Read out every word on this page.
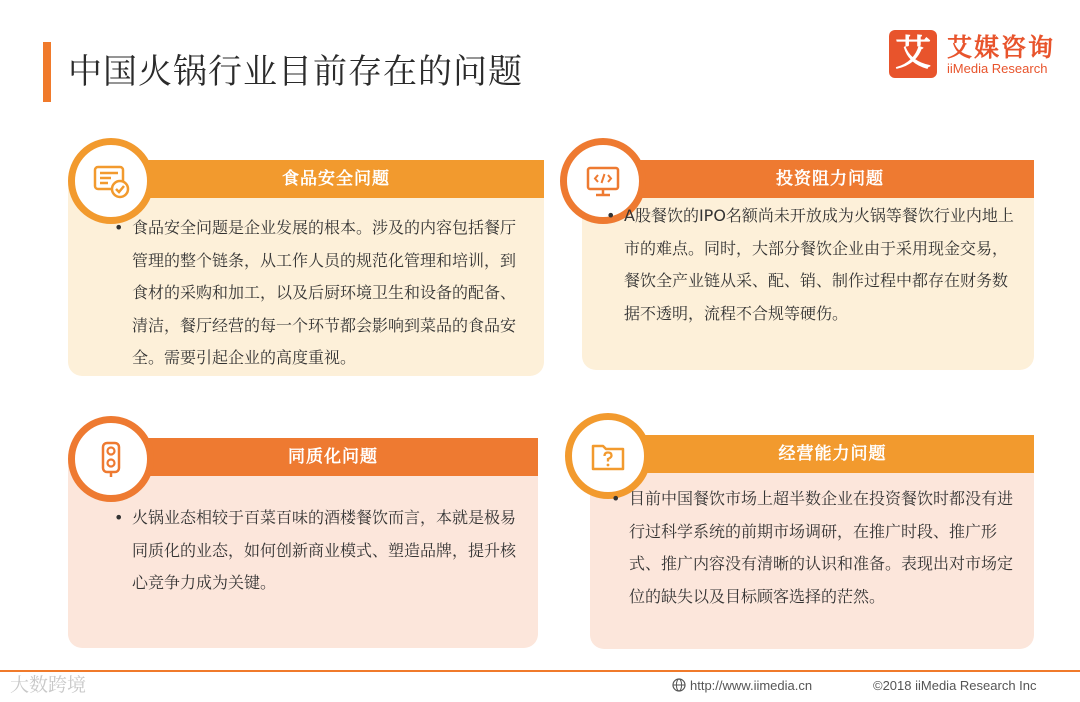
中国火锅行业目前存在的问题	艾 艾媒咨询
iiMedia Research
食品安全问题
• 食品安全问题是企业发展的根本。涉及的内容包括餐厅管理的整个链条，从工作人员的规范化管理和培训，到食材的采购和加工，以及后厨环境卫生和设备的配备、清洁，餐厅经营的每一个环节都会影响到菜品的食品安全。需要引起企业的高度重视。
投资阻力问题
• A股餐饮的IPO名额尚未开放成为火锅等餐饮行业内地上市的难点。同时，大部分餐饮企业由于采用现金交易，餐饮全产业链从采、配、销、制作过程中都存在财务数据不透明，流程不合规等硬伤。
同质化问题
• 火锅业态相较于百菜百味的酒楼餐饮而言，本就是极易同质化的业态，如何创新商业模式、塑造品牌，提升核心竞争力成为关键。
经营能力问题
• 目前中国餐饮市场上超半数企业在投资餐饮时都没有进行过科学系统的前期市场调研，在推广时段、推广形式、推广内容没有清晰的认识和准备。表现出对市场定位的缺失以及目标顾客选择的茫然。
大数跨境	http://www.iimedia.cn	©2018 iiMedia Research Inc
